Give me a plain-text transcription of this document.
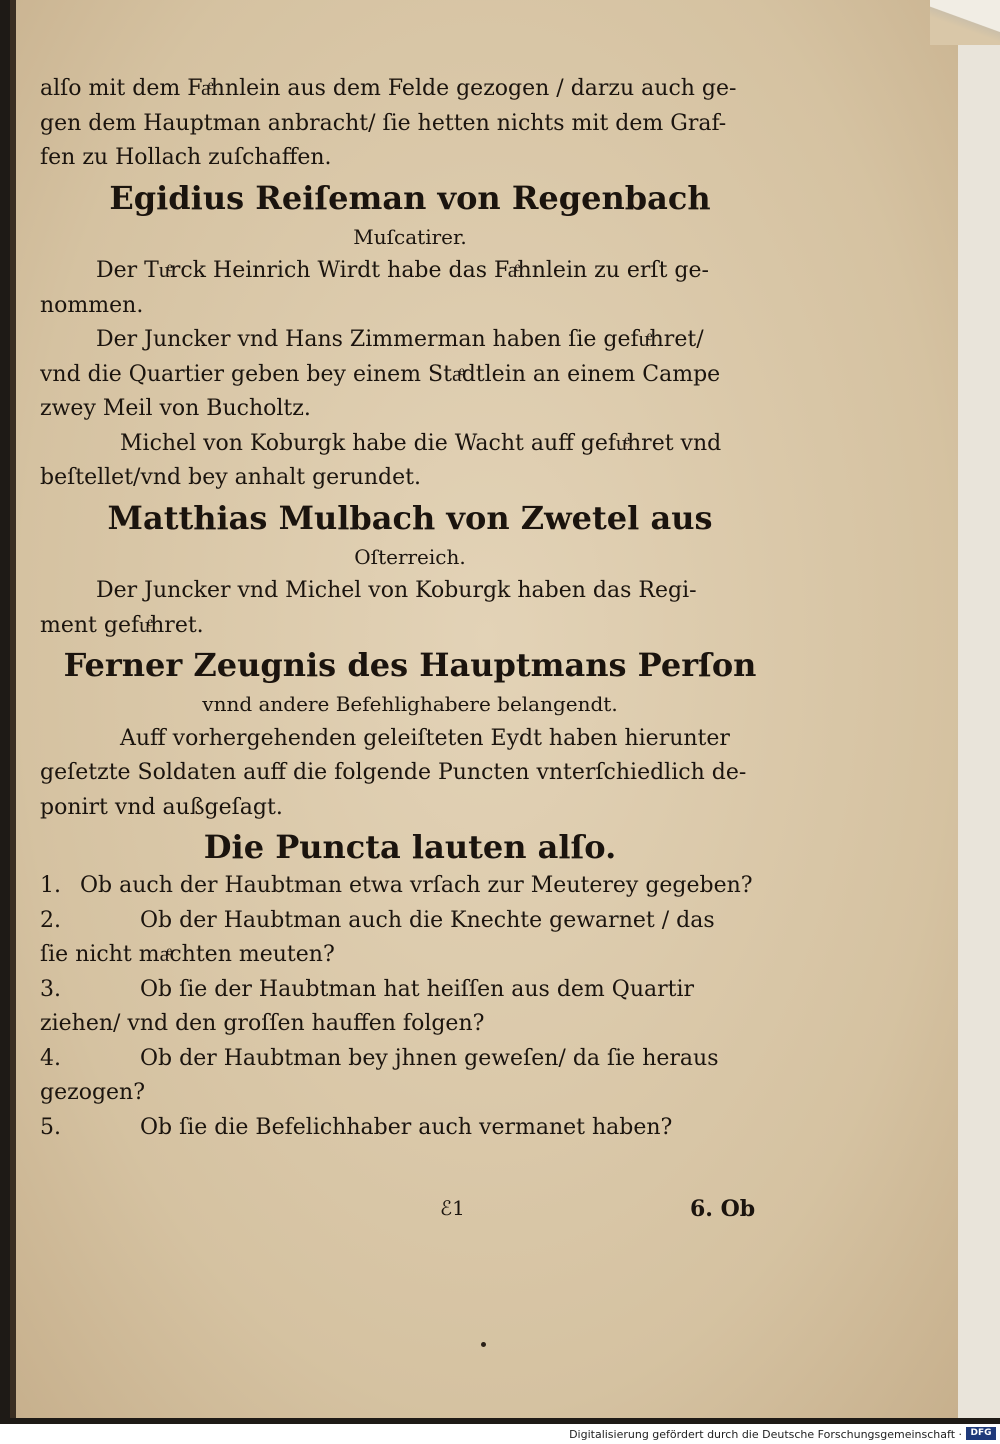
alſo mit dem Faͤhnlein aus dem Felde gezogen / darzu auch ge-
gen dem Hauptman anbracht/ ſie hetten nichts mit dem Graf-
fen zu Hollach zuſchaffen.
Egidius Reiſeman von Regenbach
Muſcatirer.
Der Tuͤrck Heinrich Wirdt habe das Faͤhnlein zu erſt ge-
nommen.
Der Juncker vnd Hans Zimmerman haben ſie gefuͤhret/
vnd die Quartier geben bey einem Staͤdtlein an einem Campe
zwey Meil von Bucholtz.
Michel von Koburgk habe die Wacht auff gefuͤhret vnd
beſtellet/vnd bey anhalt gerundet.
Matthias Mulbach von Zwetel aus
Oſterreich.
Der Juncker vnd Michel von Koburgk haben das Regi-
ment gefuͤhret.
Ferner Zeugnis des Hauptmans Perſon
vnnd andere Befehlighabere belangendt.
Auff vorhergehenden geleiſteten Eydt haben hierunter
geſetzte Soldaten auff die folgende Puncten vnterſchiedlich de-
ponirt vnd außgeſagt.
Die Puncta lauten alſo.
1. Ob auch der Haubtman etwa vrſach zur Meuterey gegeben?
2.	Ob der Haubtman auch die Knechte gewarnet / das
ſie nicht maͤchten meuten?
3.	Ob ſie der Haubtman hat heiſſen aus dem Quartir
ziehen/ vnd den groſſen hauffen folgen?
4.	Ob der Haubtman bey jhnen geweſen/ da ſie heraus
gezogen?
5.	Ob ſie die Befelichhaber auch vermanet haben?
ℰ1	6. Ob
Digitalisierung gefördert durch die Deutsche Forschungsgemeinschaft · DFG
